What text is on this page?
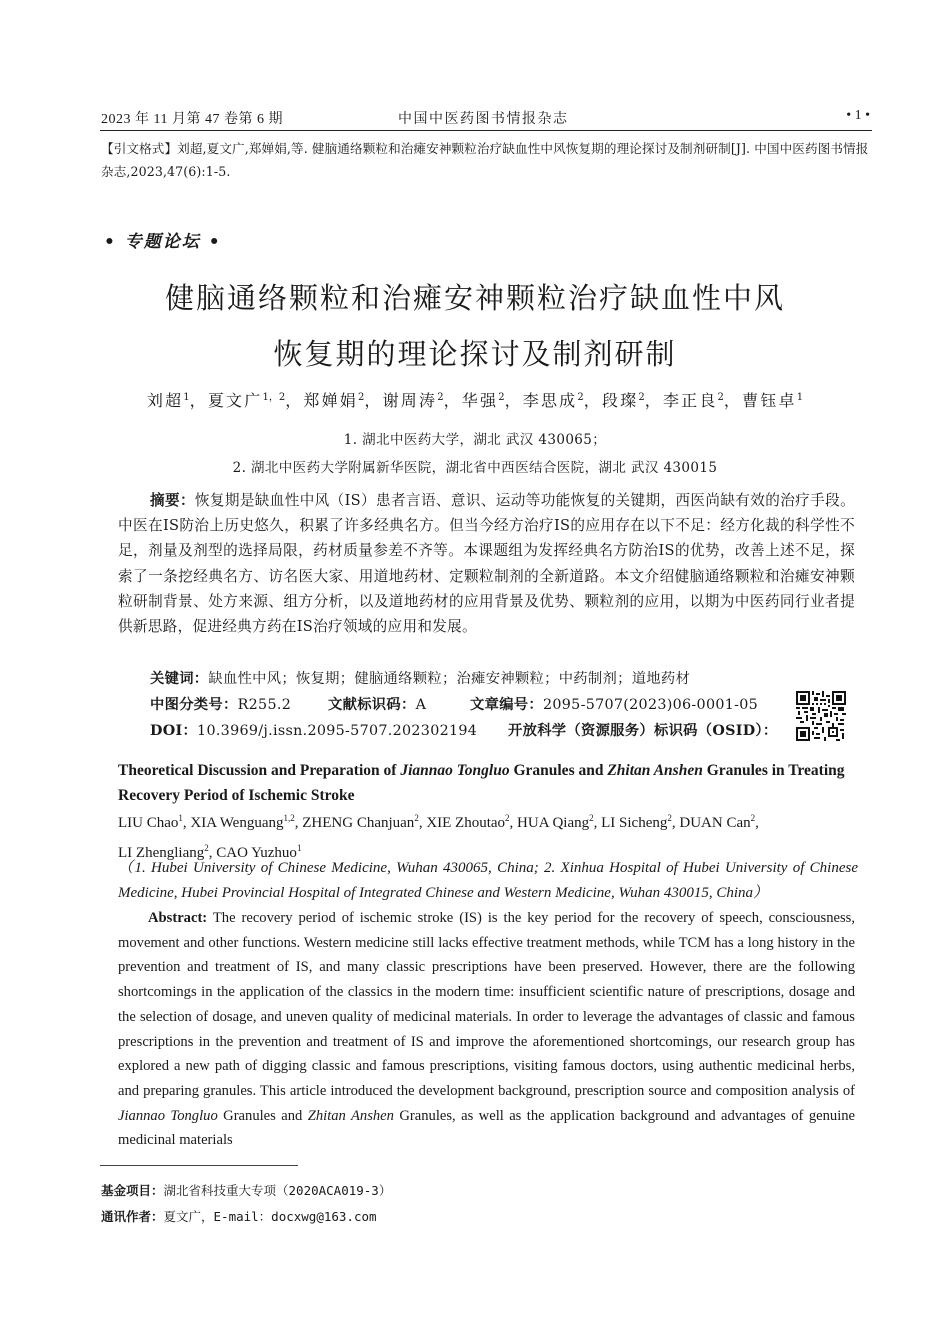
2023 年 11 月第 47 卷第 6 期	中国中医药图书情报杂志	• 1 •
【引文格式】刘超,夏文广,郑婵娟,等. 健脑通络颗粒和治瘫安神颗粒治疗缺血性中风恢复期的理论探讨及制剂研制[J]. 中国中医药图书情报杂志,2023,47(6):1-5.
• 专题论坛 •
健脑通络颗粒和治瘫安神颗粒治疗缺血性中风
恢复期的理论探讨及制剂研制
刘超$^1$，夏文广$^{1,2}$，郑婵娟$^2$，谢周涛$^2$，华强$^2$，李思成$^2$，段璨$^2$，李正良$^2$，曹钰卓$^1$
1. 湖北中医药大学，湖北 武汉 430065；
2. 湖北中医药大学附属新华医院，湖北省中西医结合医院，湖北 武汉 430015
摘要：恢复期是缺血性中风（IS）患者言语、意识、运动等功能恢复的关键期，西医尚缺有效的治疗手段。中医在IS防治上历史悠久，积累了许多经典名方。但当今经方治疗IS的应用存在以下不足：经方化裁的科学性不足，剂量及剂型的选择局限，药材质量参差不齐等。本课题组为发挥经典名方防治IS的优势，改善上述不足，探索了一条挖经典名方、访名医大家、用道地药材、定颗粒制剂的全新道路。本文介绍健脑通络颗粒和治瘫安神颗粒研制背景、处方来源、组方分析，以及道地药材的应用背景及优势、颗粒剂的应用，以期为中医药同行业者提供新思路，促进经典方药在IS治疗领域的应用和发展。
关键词：缺血性中风；恢复期；健脑通络颗粒；治瘫安神颗粒；中药制剂；道地药材
中图分类号：R255.2	文献标识码：A	文章编号：2095-5707(2023)06-0001-05
DOI：10.3969/j.issn.2095-5707.202302194 开放科学（资源服务）标识码（OSID）：
Theoretical Discussion and Preparation of Jiannao Tongluo Granules and Zhitan Anshen Granules in Treating Recovery Period of Ischemic Stroke
LIU Chao$^1$, XIA Wenguang$^{1,2}$, ZHENG Chanjuan$^2$, XIE Zhoutao$^2$, HUA Qiang$^2$, LI Sicheng$^2$, DUAN Can$^2$,
LI Zhengliang$^2$, CAO Yuzhuo$^1$
（1. Hubei University of Chinese Medicine, Wuhan 430065, China; 2. Xinhua Hospital of Hubei University of Chinese Medicine, Hubei Provincial Hospital of Integrated Chinese and Western Medicine, Wuhan 430015, China）
Abstract: The recovery period of ischemic stroke (IS) is the key period for the recovery of speech, consciousness, movement and other functions. Western medicine still lacks effective treatment methods, while TCM has a long history in the prevention and treatment of IS, and many classic prescriptions have been preserved. However, there are the following shortcomings in the application of the classics in the modern time: insufficient scientific nature of prescriptions, dosage and the selection of dosage, and uneven quality of medicinal materials. In order to leverage the advantages of classic and famous prescriptions in the prevention and treatment of IS and improve the aforementioned shortcomings, our research group has explored a new path of digging classic and famous prescriptions, visiting famous doctors, using authentic medicinal herbs, and preparing granules. This article introduced the development background, prescription source and composition analysis of Jiannao Tongluo Granules and Zhitan Anshen Granules, as well as the application background and advantages of genuine medicinal materials
基金项目：湖北省科技重大专项（2020ACA019-3）
通讯作者：夏文广，E-mail：docxwg@163.com
